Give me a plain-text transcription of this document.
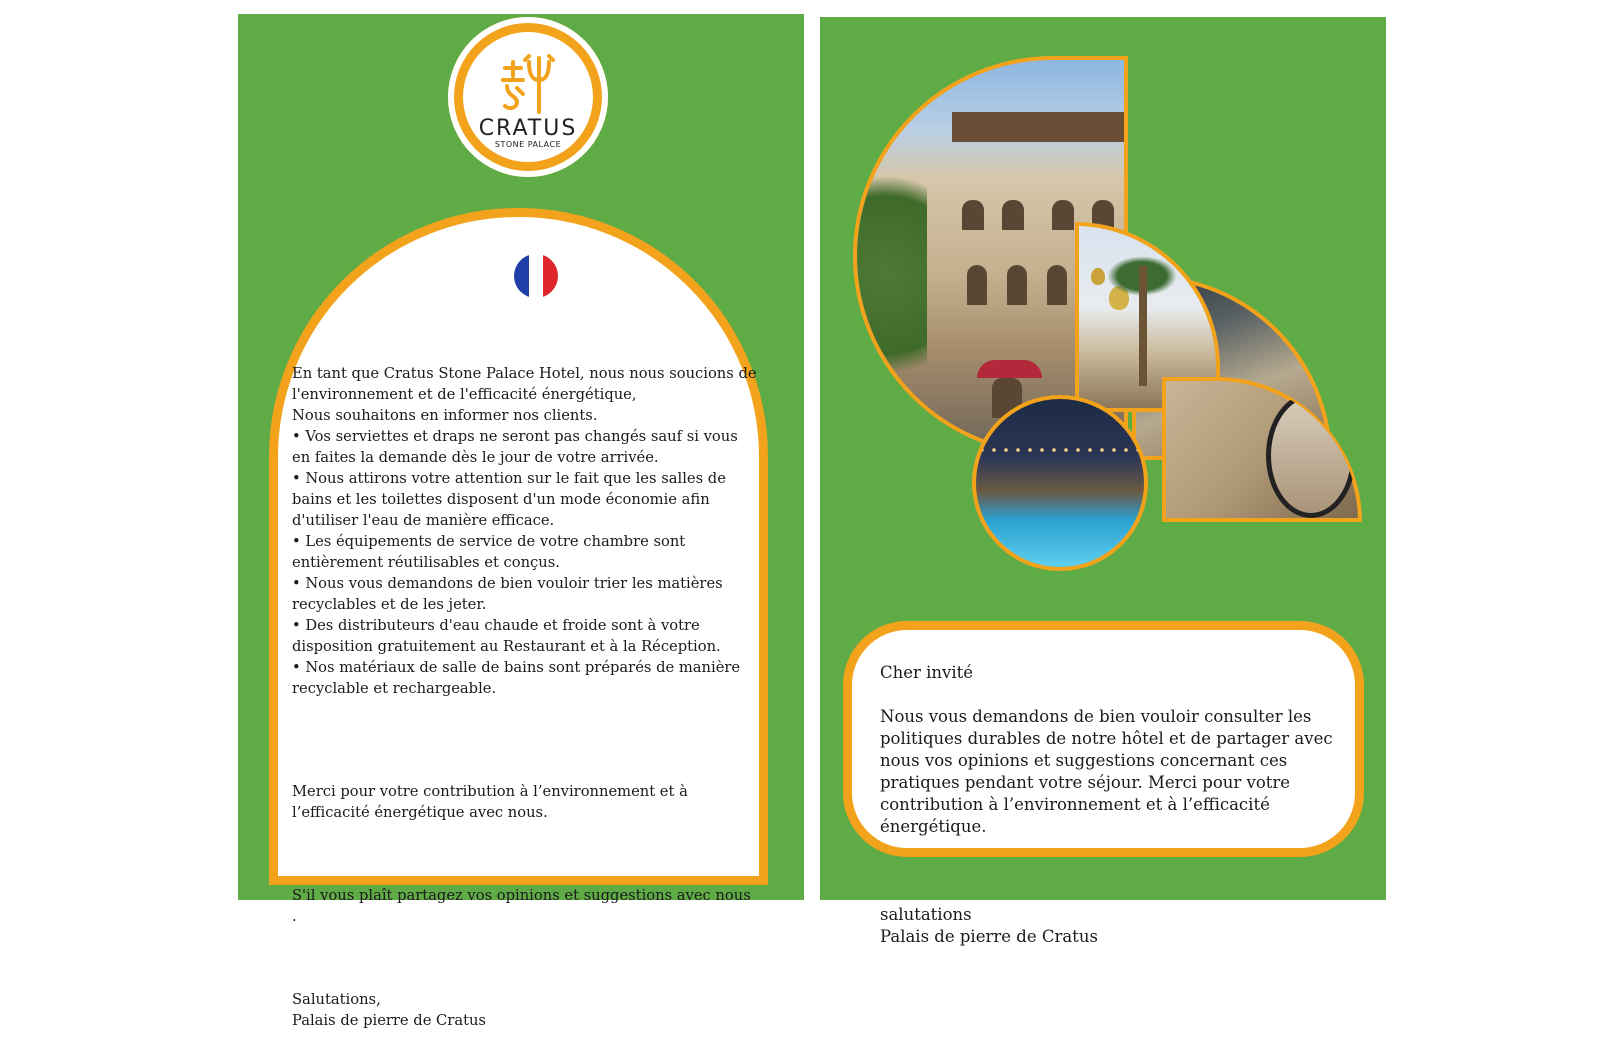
CRATUS
STONE PALACE

En tant que Cratus Stone Palace Hotel, nous nous soucions de l'environnement et de l'efficacité énergétique,
Nous souhaitons en informer nos clients.
• Vos serviettes et draps ne seront pas changés sauf si vous en faites la demande dès le jour de votre arrivée.
• Nous attirons votre attention sur le fait que les salles de bains et les toilettes disposent d'un mode économie afin d'utiliser l'eau de manière efficace.
• Les équipements de service de votre chambre sont entièrement réutilisables et conçus.
• Nous vous demandons de bien vouloir trier les matières recyclables et de les jeter.
• Des distributeurs d'eau chaude et froide sont à votre disposition gratuitement au Restaurant et à la Réception.
• Nos matériaux de salle de bains sont préparés de manière recyclable et rechargeable.

Merci pour votre contribution à l’environnement et à l’efficacité énergétique avec nous.

S'il vous plaît partagez vos opinions et suggestions avec nous .

Salutations,
Palais de pierre de Cratus

Cher invité

Nous vous demandons de bien vouloir consulter les politiques durables de notre hôtel et de partager avec nous vos opinions et suggestions concernant ces pratiques pendant votre séjour. Merci pour votre contribution à l’environnement et à l’efficacité énergétique.

salutations
Palais de pierre de Cratus
